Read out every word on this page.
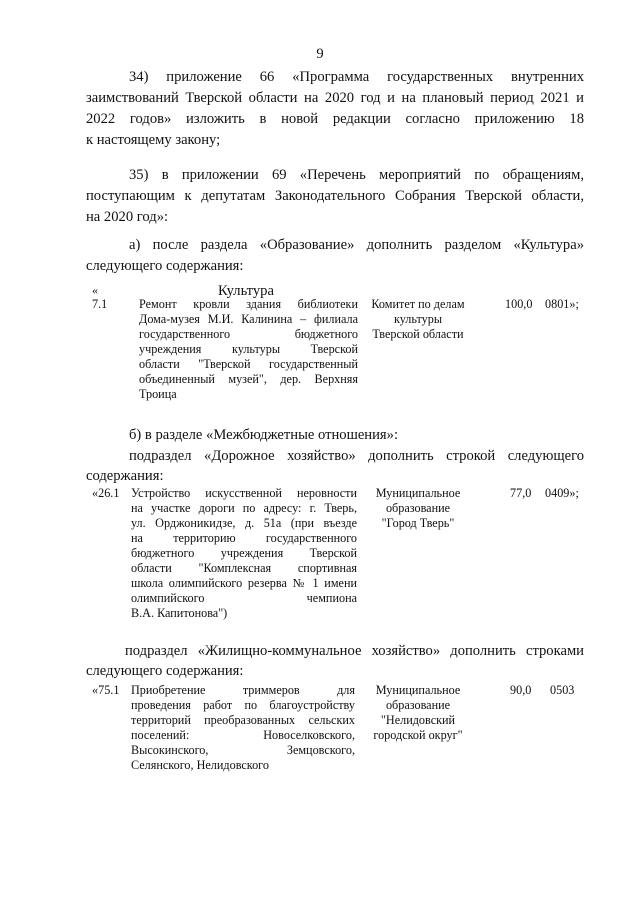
9
34) приложение 66 «Программа государственных внутренних
заимствований Тверской области на 2020 год и на плановый период 2021 и
2022 годов» изложить в новой редакции согласно приложению 18
к настоящему закону;
35) в приложении 69 «Перечень мероприятий по обращениям,
поступающим к депутатам Законодательного Собрания Тверской области,
на 2020 год»:
а) после раздела «Образование» дополнить разделом «Культура»
следующего содержания:
«	Культура
7.1	Ремонт кровли здания библиотеки
Дома-музея М.И. Калинина – филиала
государственного бюджетного
учреждения культуры Тверской
области "Тверской государственный
объединенный музей", дер. Верхняя
Троица
Комитет по делам
культуры
Тверской области
100,0 0801»;
б) в разделе «Межбюджетные отношения»:
подраздел «Дорожное хозяйство» дополнить строкой следующего
содержания:
«26.1 Устройство искусственной неровности
на участке дороги по адресу: г. Тверь,
ул. Орджоникидзе, д. 51а (при въезде
на территорию государственного
бюджетного учреждения Тверской
области "Комплексная спортивная
школа олимпийского резерва № 1 имени
олимпийского чемпиона
В.А. Капитонова")
Муниципальное
образование
"Город Тверь"
77,0 0409»;
подраздел «Жилищно-коммунальное хозяйство» дополнить строками
следующего содержания:
«75.1 Приобретение триммеров для
проведения работ по благоустройству
территорий преобразованных сельских
поселений: Новоселковского,
Высокинского, Земцовского,
Селянского, Нелидовского
Муниципальное
образование
"Нелидовский
городской округ"
90,0 0503
